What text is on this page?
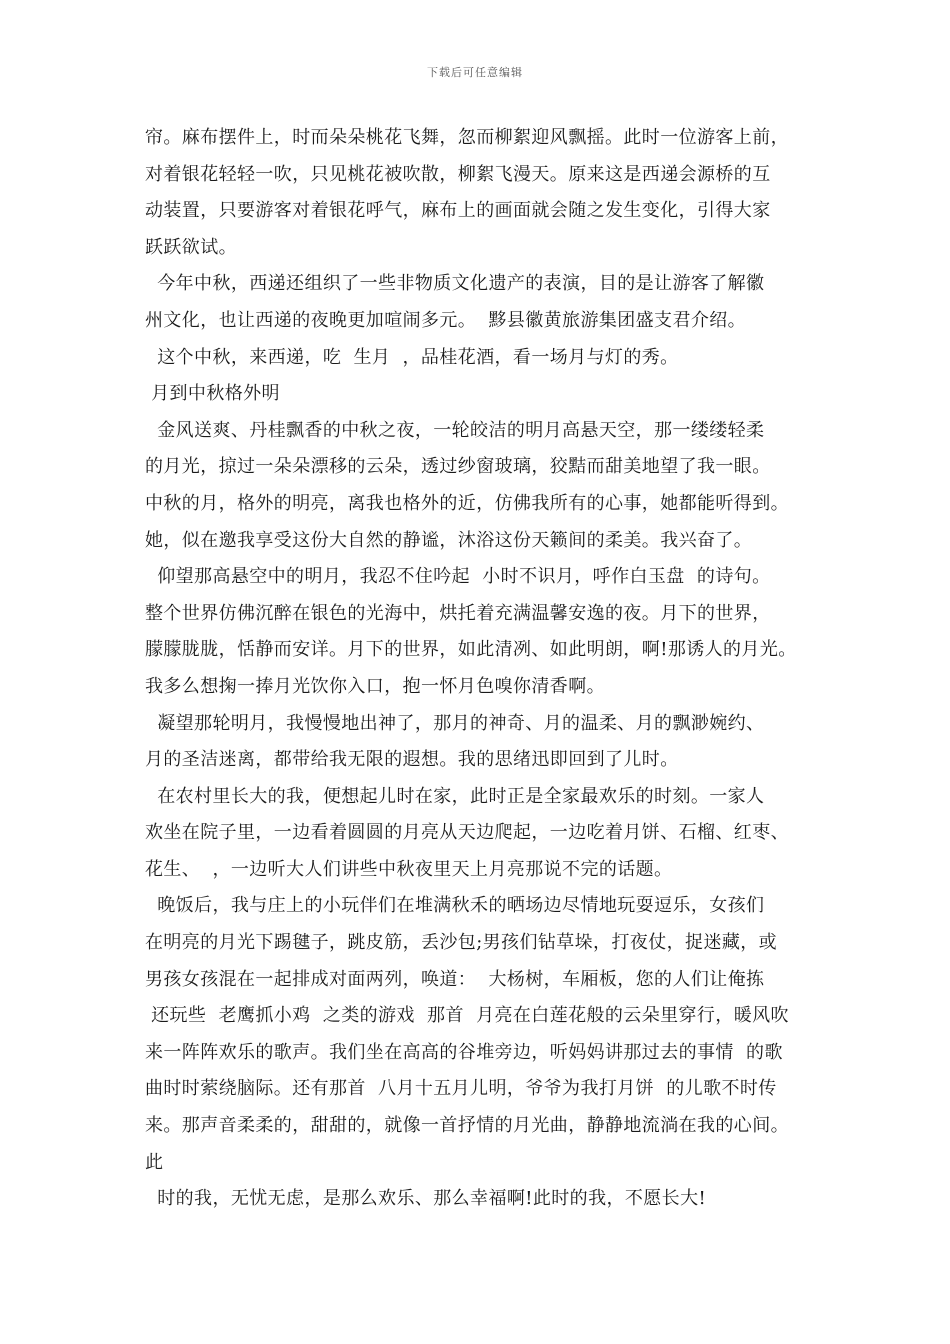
下载后可任意编辑
帘。麻布摆件上，时而朵朵桃花飞舞，忽而柳絮迎风飘摇。此时一位游客上前，
对着银花轻轻一吹，只见桃花被吹散，柳絮飞漫天。原来这是西递会源桥的互
动装置，只要游客对着银花呼气，麻布上的画面就会随之发生变化，引得大家
跃跃欲试。
今年中秋，西递还组织了一些非物质文化遗产的表演，目的是让游客了解徽
州文化，也让西递的夜晚更加喧闹多元。  黟县徽黄旅游集团盛支君介绍。
这个中秋，来西递，吃  生月  ，品桂花酒，看一场月与灯的秀。
月到中秋格外明
金风送爽、丹桂飘香的中秋之夜，一轮皎洁的明月高悬天空，那一缕缕轻柔
的月光，掠过一朵朵漂移的云朵，透过纱窗玻璃，狡黠而甜美地望了我一眼。
中秋的月，格外的明亮，离我也格外的近，仿佛我所有的心事，她都能听得到。
她，似在邀我享受这份大自然的静谧，沐浴这份天籁间的柔美。我兴奋了。
仰望那高悬空中的明月，我忍不住吟起  小时不识月，呼作白玉盘  的诗句。
整个世界仿佛沉醉在银色的光海中，烘托着充满温馨安逸的夜。月下的世界，
朦朦胧胧，恬静而安详。月下的世界，如此清冽、如此明朗，啊!那诱人的月光。
我多么想掬一捧月光饮你入口，抱一怀月色嗅你清香啊。
凝望那轮明月，我慢慢地出神了，那月的神奇、月的温柔、月的飘渺婉约、
月的圣洁迷离，都带给我无限的遐想。我的思绪迅即回到了儿时。
在农村里长大的我，便想起儿时在家，此时正是全家最欢乐的时刻。一家人
欢坐在院子里，一边看着圆圆的月亮从天边爬起，一边吃着月饼、石榴、红枣、
花生、  ，一边听大人们讲些中秋夜里天上月亮那说不完的话题。
晚饭后，我与庄上的小玩伴们在堆满秋禾的晒场边尽情地玩耍逗乐，女孩们
在明亮的月光下踢毽子，跳皮筋，丢沙包;男孩们钻草垛，打夜仗，捉迷藏，或
男孩女孩混在一起排成对面两列，唤道：  大杨树，车厢板，您的人们让俺拣
还玩些  老鹰抓小鸡  之类的游戏  那首  月亮在白莲花般的云朵里穿行，暖风吹
来一阵阵欢乐的歌声。我们坐在高高的谷堆旁边，听妈妈讲那过去的事情  的歌
曲时时萦绕脑际。还有那首  八月十五月儿明，爷爷为我打月饼  的儿歌不时传
来。那声音柔柔的，甜甜的，就像一首抒情的月光曲，静静地流淌在我的心间。
此
时的我，无忧无虑，是那么欢乐、那么幸福啊!此时的我，不愿长大!
